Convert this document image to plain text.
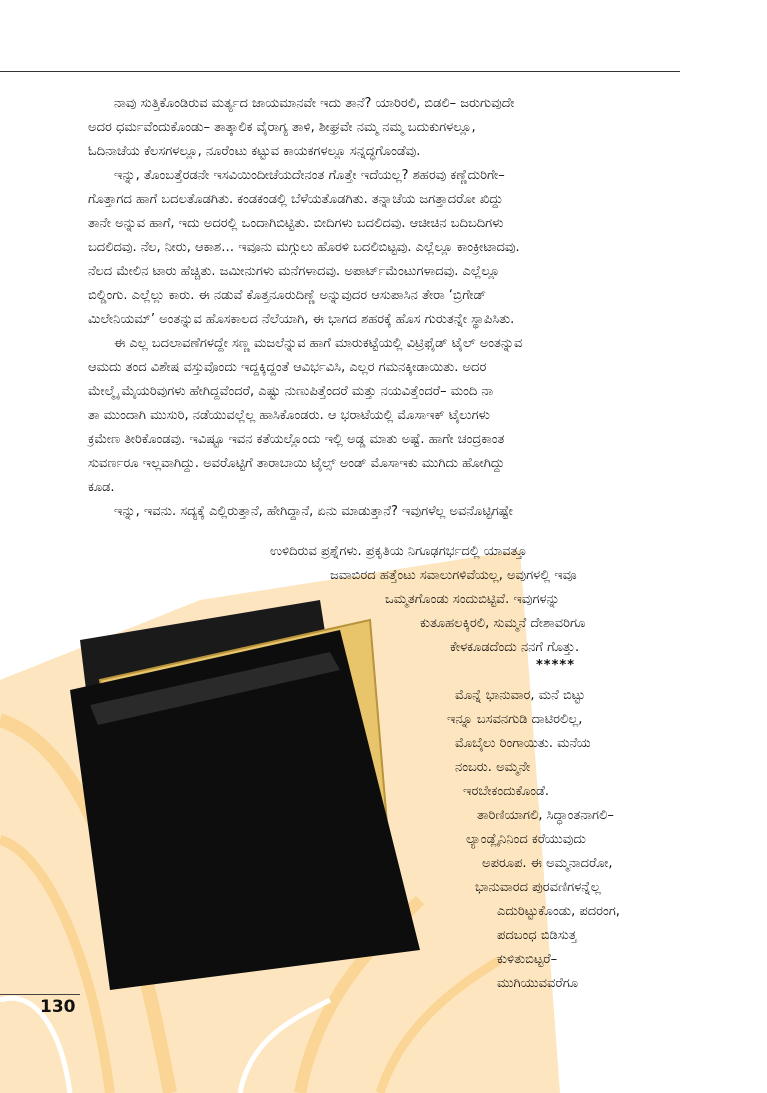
ನಾವು ಸುತ್ತಿಕೊಂಡಿರುವ ಮರ್ತ್ಯದ ಜಾಯಮಾನವೇ ಇದು ತಾನೆ? ಯಾರಿರಲಿ, ಬಿಡಲಿ– ಜರುಗುವುದೇ
ಅದರ ಧರ್ಮವೆಂದುಕೊಂಡು– ತಾತ್ಕಾಲಿಕ ವೈರಾಗ್ಯ ತಾಳಿ, ಶೀಘ್ರವೇ ನಮ್ಮ ನಮ್ಮ ಬದುಕುಗಳಲ್ಲೂ,
ಓದಿನಾಚೆಯ ಕೆಲಸಗಳಲ್ಲೂ, ನೂರೆಂಟು ಕಟ್ಟುವ ಕಾಯಕಗಳಲ್ಲೂ ಸನ್ನದ್ಧಗೊಂಡೆವು.
ಇನ್ನು, ತೊಂಬತ್ತೆರಡನೇ ಇಸವಿಯಿಂದೀಚೆಯದೇನಂತ ಗೊತ್ತೇ ಇದೆಯಲ್ಲ? ಶಹರವು ಕಣ್ಣೆದುರಿಗೇ–
ಗೊತ್ತಾಗದ ಹಾಗೆ ಬದಲತೊಡಗಿತು. ಕಂಡಕಂಡಲ್ಲಿ ಬೆಳೆಯತೊಡಗಿತು. ತನ್ನಾಚೆಯ ಜಗತ್ತಾದರೋ ಖಿದ್ದು
ತಾನೇ ಅನ್ನುವ ಹಾಗೆ, ಇದು ಅದರಲ್ಲಿ ಒಂದಾಗಿಬಿಟ್ಟಿತು. ಬೀದಿಗಳು ಬದಲಿದವು. ಆಚೀಚಿನ ಬದಿಬದಿಗಳು
ಬದಲಿದವು. ನೆಲ, ನೀರು, ಆಕಾಶ… ಇವೂನು ಮಗ್ಗುಲು ಹೊರಳಿ ಬದಲಿಬಿಟ್ಟವು. ಎಲ್ಲೆಲ್ಲೂ ಕಾಂಕ್ರೀಟಾದವು.
ನೆಲದ ಮೇಲಿನ ಟಾರು ಹೆಚ್ಚಿತು. ಜಮೀನುಗಳು ಮನೆಗಳಾದವು. ಅಪಾರ್ಟ್‌ಮೆಂಟುಗಳಾದವು. ಎಲ್ಲೆಲ್ಲೂ
ಬಿಲ್ಡಿಂಗು. ಎಲ್ಲೆಲ್ಲು ಕಾರು. ಈ ನಡುವೆ ಕೊತ್ತನೂರುದಿಣ್ಣೆ ಅನ್ನುವುದರ ಆಸುಪಾಸಿನ ತೇರಾ ‘ಬ್ರಿಗೇಡ್
ಮಿಲೇನಿಯಮ್’ ಅಂತನ್ನುವ ಹೊಸಕಾಲದ ನೆಲೆಯಾಗಿ, ಈ ಭಾಗದ ಶಹರಕ್ಕೆ ಹೊಸ ಗುರುತನ್ನೇ ಸ್ಥಾಪಿಸಿತು.
ಈ ಎಲ್ಲ ಬದಲಾವಣೆಗಳದ್ದೇ ಸಣ್ಣ ಮಜಲೆನ್ನುವ ಹಾಗೆ ಮಾರುಕಟ್ಟೆಯಲ್ಲಿ ವಿಟ್ರಿಫೈಡ್ ಟೈಲ್ ಅಂತನ್ನುವ
ಆಮದು ತಂದ ವಿಶೇಷ ವಸ್ತುವೊಂದು ಇದ್ದಕ್ಕಿದ್ದಂತೆ ಆವಿರ್ಭವಿಸಿ, ಎಲ್ಲರ ಗಮನಕ್ಕೀಡಾಯಿತು. ಅದರ
ಮೇಲ್ಮೈ ಮೈಯರಿವುಗಳು ಹೇಗಿದ್ದವೆಂದರೆ, ಎಷ್ಟು ನುಣುಪಿತ್ತೆಂದರೆ ಮತ್ತು ನಯವಿತ್ತೆಂದರೆ– ಮಂದಿ ನಾ
ತಾ ಮುಂದಾಗಿ ಮುಸುರಿ, ನಡೆಯುವಲ್ಲೆಲ್ಲ ಹಾಸಿಕೊಂಡರು. ಆ ಭರಾಟೆಯಲ್ಲಿ ಮೊಸಾಇಕ್ ಟೈಲುಗಳು
ಕ್ರಮೇಣ ತೀರಿಕೊಂಡವು. ಇವಿಷ್ಟೂ ಇವನ ಕತೆಯಲ್ಲೊಂದು ಇಲ್ಲಿ ಅಡ್ಡ ಮಾತು ಅಷ್ಟೆ. ಹಾಗೇ ಚಂದ್ರಕಾಂತ
ಸುವರ್ಣರೂ ಇಲ್ಲವಾಗಿದ್ದು. ಅವರೊಟ್ಟಿಗೆ ತಾರಾಬಾಯಿ ಟೈಲ್ಸ್ ಅಂಡ್ ಮೊಸಾಇಕು ಮುಗಿದು ಹೋಗಿದ್ದು
ಕೂಡ.
ಇನ್ನು, ಇವನು. ಸದ್ಯಕ್ಕೆ ಎಲ್ಲಿರುತ್ತಾನೆ, ಹೇಗಿದ್ದಾನೆ, ಏನು ಮಾಡುತ್ತಾನೆ? ಇವುಗಳೆಲ್ಲ ಅವನೊಟ್ಟಿಗಷ್ಟೇ
ಉಳಿದಿರುವ ಪ್ರಶ್ನೆಗಳು. ಪ್ರಕೃತಿಯ ನಿಗೂಢಗರ್ಭದಲ್ಲಿ ಯಾವತ್ತೂ
ಜವಾಬಿರದ ಹತ್ತೆಂಟು ಸವಾಲುಗಳಿವೆಯಲ್ಲ, ಅವುಗಳಲ್ಲಿ ಇವೂ
ಒಮ್ಮತಗೊಂಡು ಸಂದುಬಿಟ್ಟಿವೆ. ಇವುಗಳನ್ನು
ಕುತೂಹಲಕ್ಕಿರಲಿ, ಸುಮ್ಮನೆ ದೇಶಾವರಿಗೂ
ಕೇಳಕೂಡದೆಂದು ನನಗೆ ಗೊತ್ತು.
*****
ಮೊನ್ನೆ ಭಾನುವಾರ, ಮನೆ ಬಿಟ್ಟು
ಇನ್ನೂ ಬಸವನಗುಡಿ ದಾಟಿರಲಿಲ್ಲ,
ಮೊಬೈಲು ರಿಂಗಾಯಿತು. ಮನೆಯ
ನಂಬರು. ಅಮ್ಮನೇ
ಇರಬೇಕಂದುಕೊಂಡೆ.
ತಾರಿಣಿಯಾಗಲಿ, ಸಿದ್ಧಾಂತನಾಗಲಿ–
ಲ್ಯಾಂಡ್ಲೈನಿನಿಂದ ಕರೆಯುವುದು
ಅಪರೂಪ. ಈ ಅಮ್ಮನಾದರೋ,
ಭಾನುವಾರದ ಪುರವಣಿಗಳನ್ನೆಲ್ಲ
ಎದುರಿಟ್ಟುಕೊಂಡು, ಪದರಂಗ,
ಪದಬಂಧ ಬಿಡಿಸುತ್ತ
ಕುಳಿತುಬಿಟ್ಟರೆ–
ಮುಗಿಯುವವರೆಗೂ
130
